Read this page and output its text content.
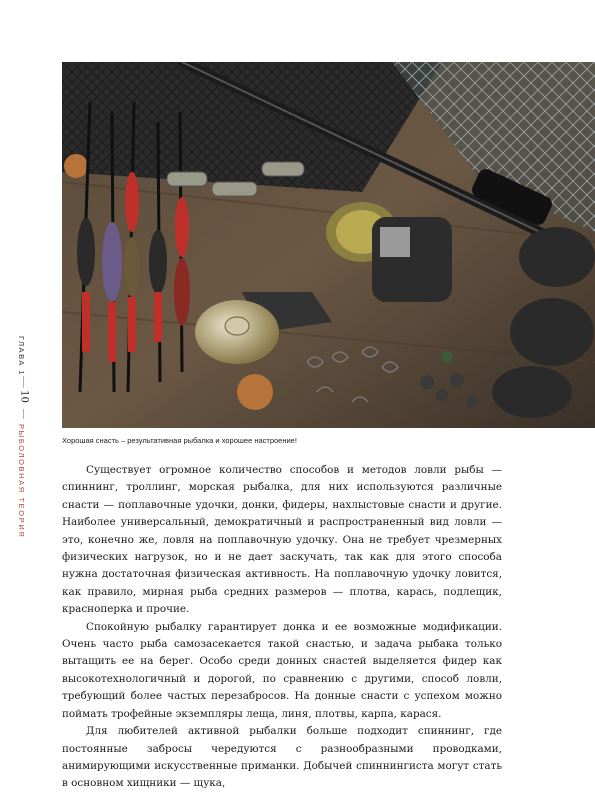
ГЛАВА 1
10
РЫБОЛОВНАЯ ТЕОРИЯ	Хорошая снасть – результативная рыбалка и хорошее настроение!

Существует огромное количество способов и методов ловли рыбы — спиннинг, троллинг, морская рыбалка, для них используются различные снасти — поплавочные удочки, донки, фидеры, нахлыстовые снасти и другие. Наиболее универсальный, демократичный и распространенный вид ловли — это, конечно же, ловля на поплавочную удочку. Она не требует чрезмерных физических нагрузок, но и не дает заскучать, так как для этого способа нужна достаточная физическая активность. На поплавочную удочку ловится, как правило, мирная рыба средних размеров — плотва, карась, подлещик, красноперка и прочие.

Спокойную рыбалку гарантирует донка и ее возможные модификации. Очень часто рыба самозасекается такой снастью, и задача рыбака только вытащить ее на берег. Особо среди донных снастей выделяется фидер как высокотехнологичный и дорогой, по сравнению с другими, способ ловли, требующий более частых перезабросов. На донные снасти с успехом можно поймать трофейные экземпляры леща, линя, плотвы, карпа, карася.

Для любителей активной рыбалки больше подходит спиннинг, где постоянные забросы чередуются с разнообразными проводками, анимирующими искусственные приманки. Добычей спиннингиста могут стать в основном хищники — щука,
